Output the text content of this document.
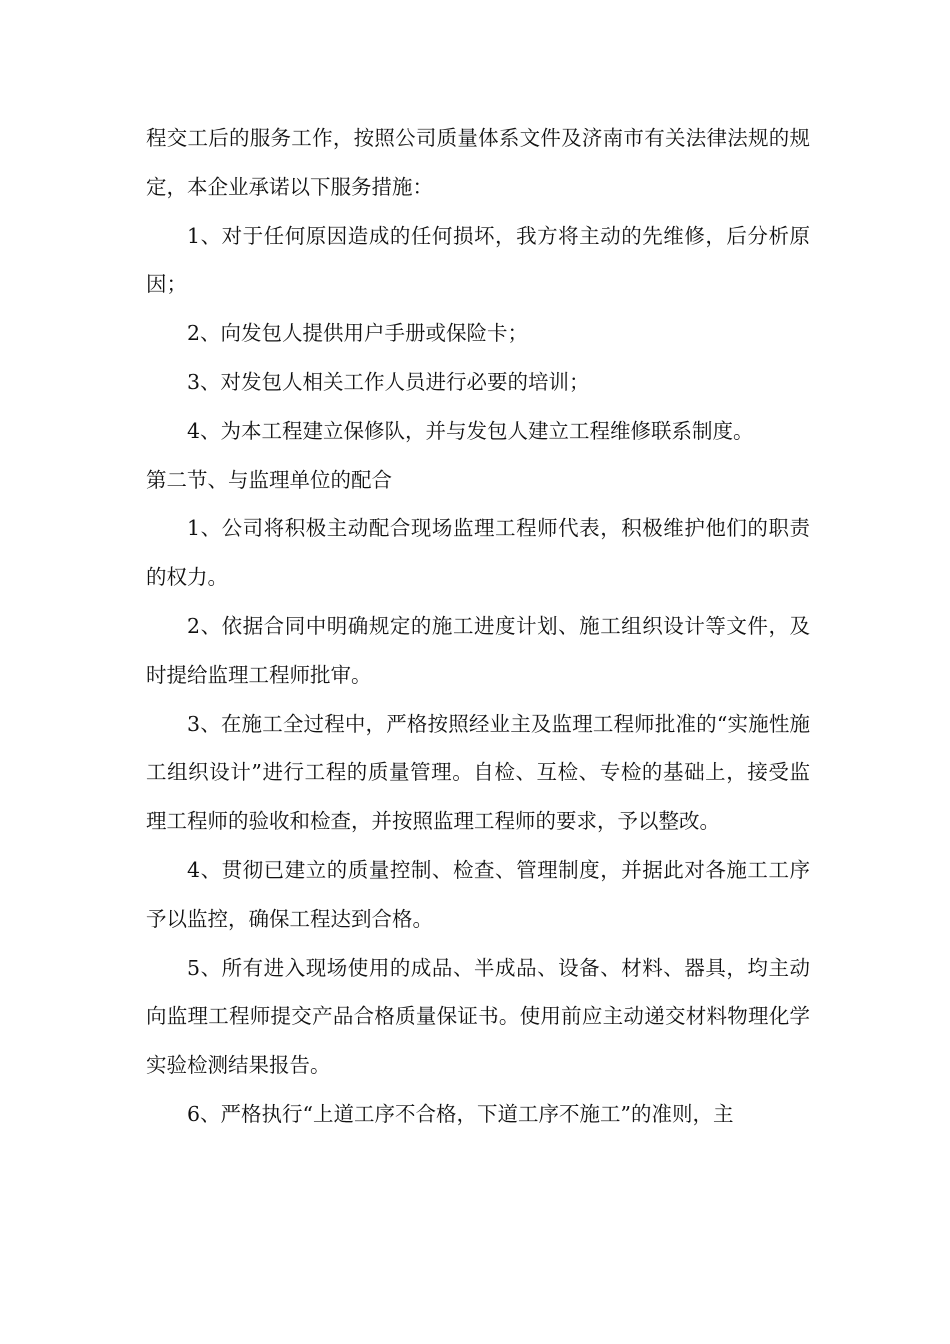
程交工后的服务工作，按照公司质量体系文件及济南市有关法律法规的规定，本企业承诺以下服务措施：

1、对于任何原因造成的任何损坏，我方将主动的先维修，后分析原因；

2、向发包人提供用户手册或保险卡；

3、对发包人相关工作人员进行必要的培训；

4、为本工程建立保修队，并与发包人建立工程维修联系制度。

第二节、与监理单位的配合

1、公司将积极主动配合现场监理工程师代表，积极维护他们的职责的权力。

2、依据合同中明确规定的施工进度计划、施工组织设计等文件，及时提给监理工程师批审。

3、在施工全过程中，严格按照经业主及监理工程师批准的“实施性施工组织设计”进行工程的质量管理。自检、互检、专检的基础上，接受监理工程师的验收和检查，并按照监理工程师的要求，予以整改。

4、贯彻已建立的质量控制、检查、管理制度，并据此对各施工工序予以监控，确保工程达到合格。

5、所有进入现场使用的成品、半成品、设备、材料、器具，均主动向监理工程师提交产品合格质量保证书。使用前应主动递交材料物理化学实验检测结果报告。

6、严格执行“上道工序不合格，下道工序不施工”的准则，主
